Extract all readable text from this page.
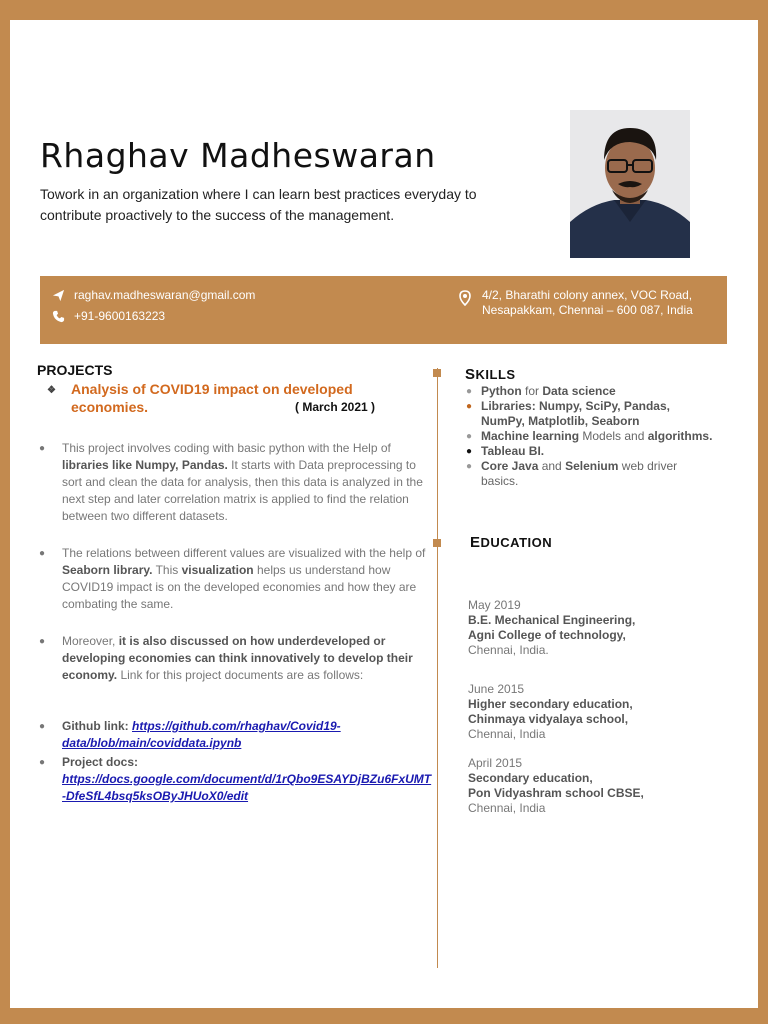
Rhaghav Madheswaran
Towork in an organization where I can learn best practices everyday to contribute proactively to the success of the management.
raghav.madheswaran@gmail.com
+91-9600163223
4/2, Bharathi colony annex, VOC Road, Nesapakkam, Chennai – 600 087, India
PROJECTS
❖	Analysis of COVID19 impact on developed economies.	( March 2021 )
● This project involves coding with basic python with the Help of libraries like Numpy, Pandas. It starts with Data preprocessing to sort and clean the data for analysis, then this data is analyzed in the next step and later correlation matrix is applied to find the relation between two different datasets.
● The relations between different values are visualized with the help of Seaborn library. This visualization helps us understand how COVID19 impact is on the developed economies and how they are combating the same.
● Moreover, it is also discussed on how underdeveloped or developing economies can think innovatively to develop their economy. Link for this project documents are as follows:
● Github link: https://github.com/rhaghav/Covid19-data/blob/main/coviddata.ipynb
● Project docs:
https://docs.google.com/document/d/1rQbo9ESAYDjBZu6FxUMT-DfeSfL4bsq5ksOByJHUoX0/edit
SKILLS
● Python for Data science
● Libraries: Numpy, SciPy, Pandas, NumPy, Matplotlib, Seaborn
● Machine learning Models and algorithms.
● Tableau BI.
● Core Java and Selenium web driver basics.
EDUCATION
May 2019
B.E. Mechanical Engineering,
Agni College of technology,
Chennai, India.
June 2015
Higher secondary education,
Chinmaya vidyalaya school,
Chennai, India
April 2015
Secondary education,
Pon Vidyashram school CBSE,
Chennai, India
